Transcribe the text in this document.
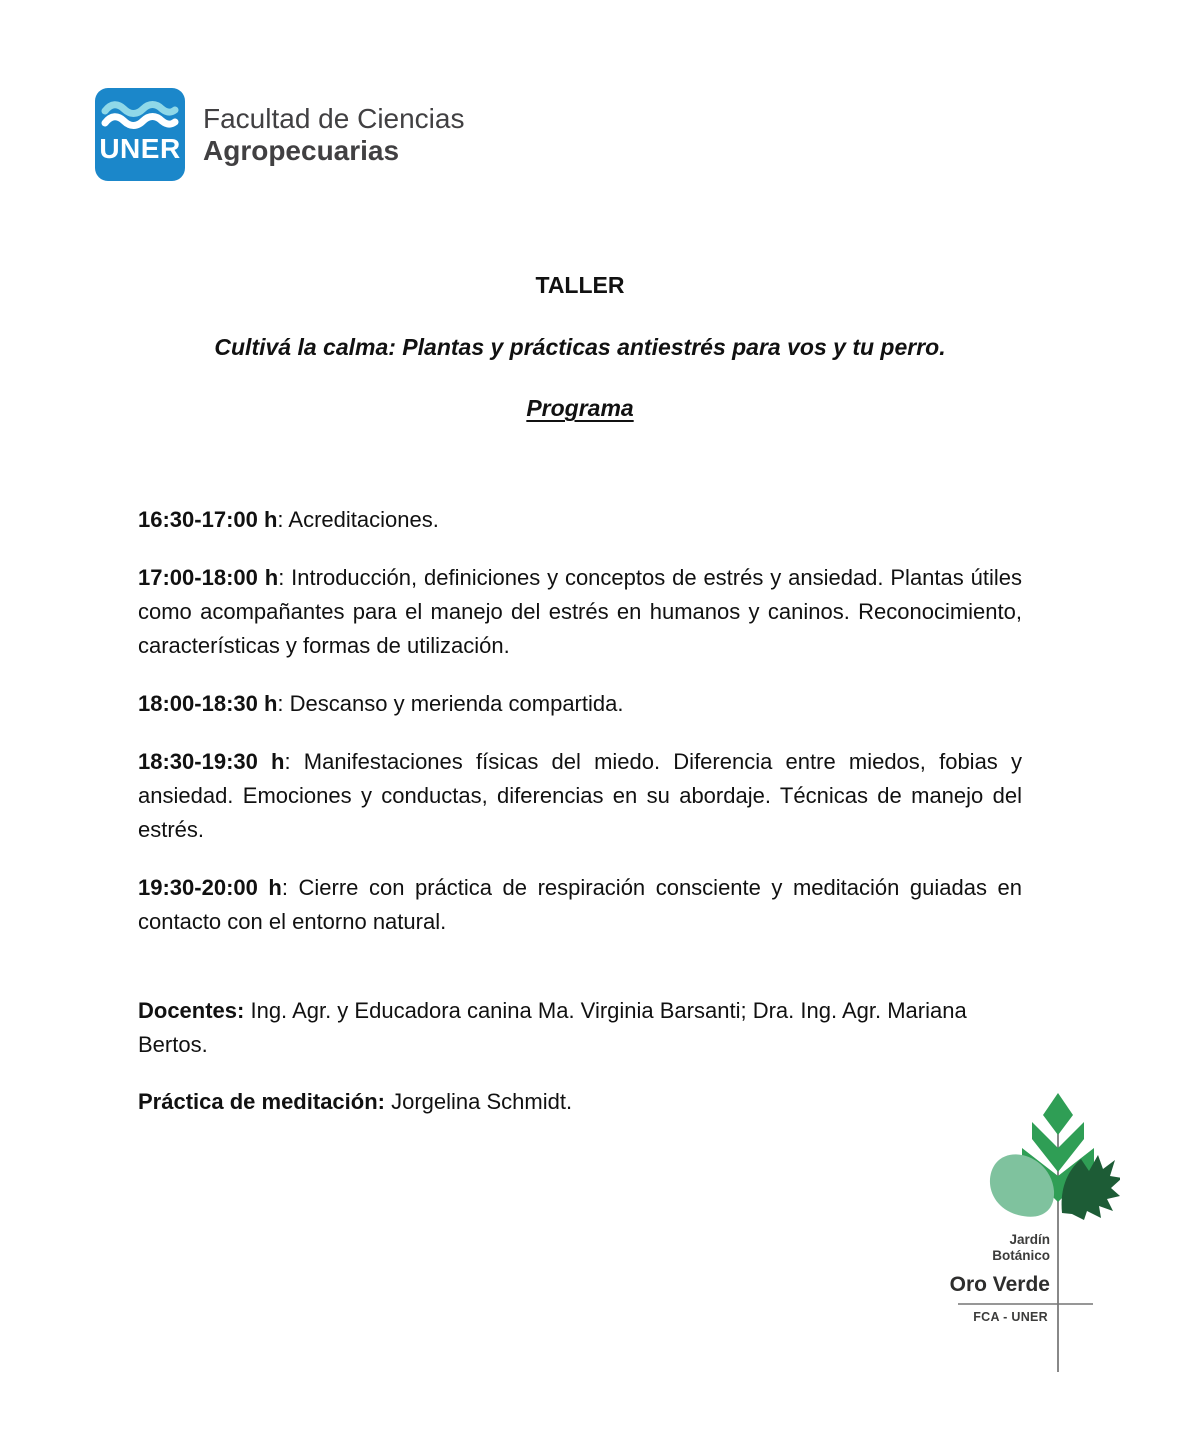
UNER
Facultad de Ciencias
Agropecuarias
TALLER
Cultivá la calma: Plantas y prácticas antiestrés para vos y tu perro.
Programa

16:30-17:00 h: Acreditaciones.

17:00-18:00 h: Introducción, definiciones y conceptos de estrés y ansiedad. Plantas útiles como acompañantes para el manejo del estrés en humanos y caninos. Reconocimiento, características y formas de utilización.

18:00-18:30 h: Descanso y merienda compartida.

18:30-19:30 h: Manifestaciones físicas del miedo. Diferencia entre miedos, fobias y ansiedad. Emociones y conductas, diferencias en su abordaje. Técnicas de manejo del estrés.

19:30-20:00 h: Cierre con práctica de respiración consciente y meditación guiadas en contacto con el entorno natural.

Docentes: Ing. Agr. y Educadora canina Ma. Virginia Barsanti; Dra. Ing. Agr. Mariana Bertos.

Práctica de meditación: Jorgelina Schmidt.

Jardín
Botánico
Oro Verde
FCA - UNER
